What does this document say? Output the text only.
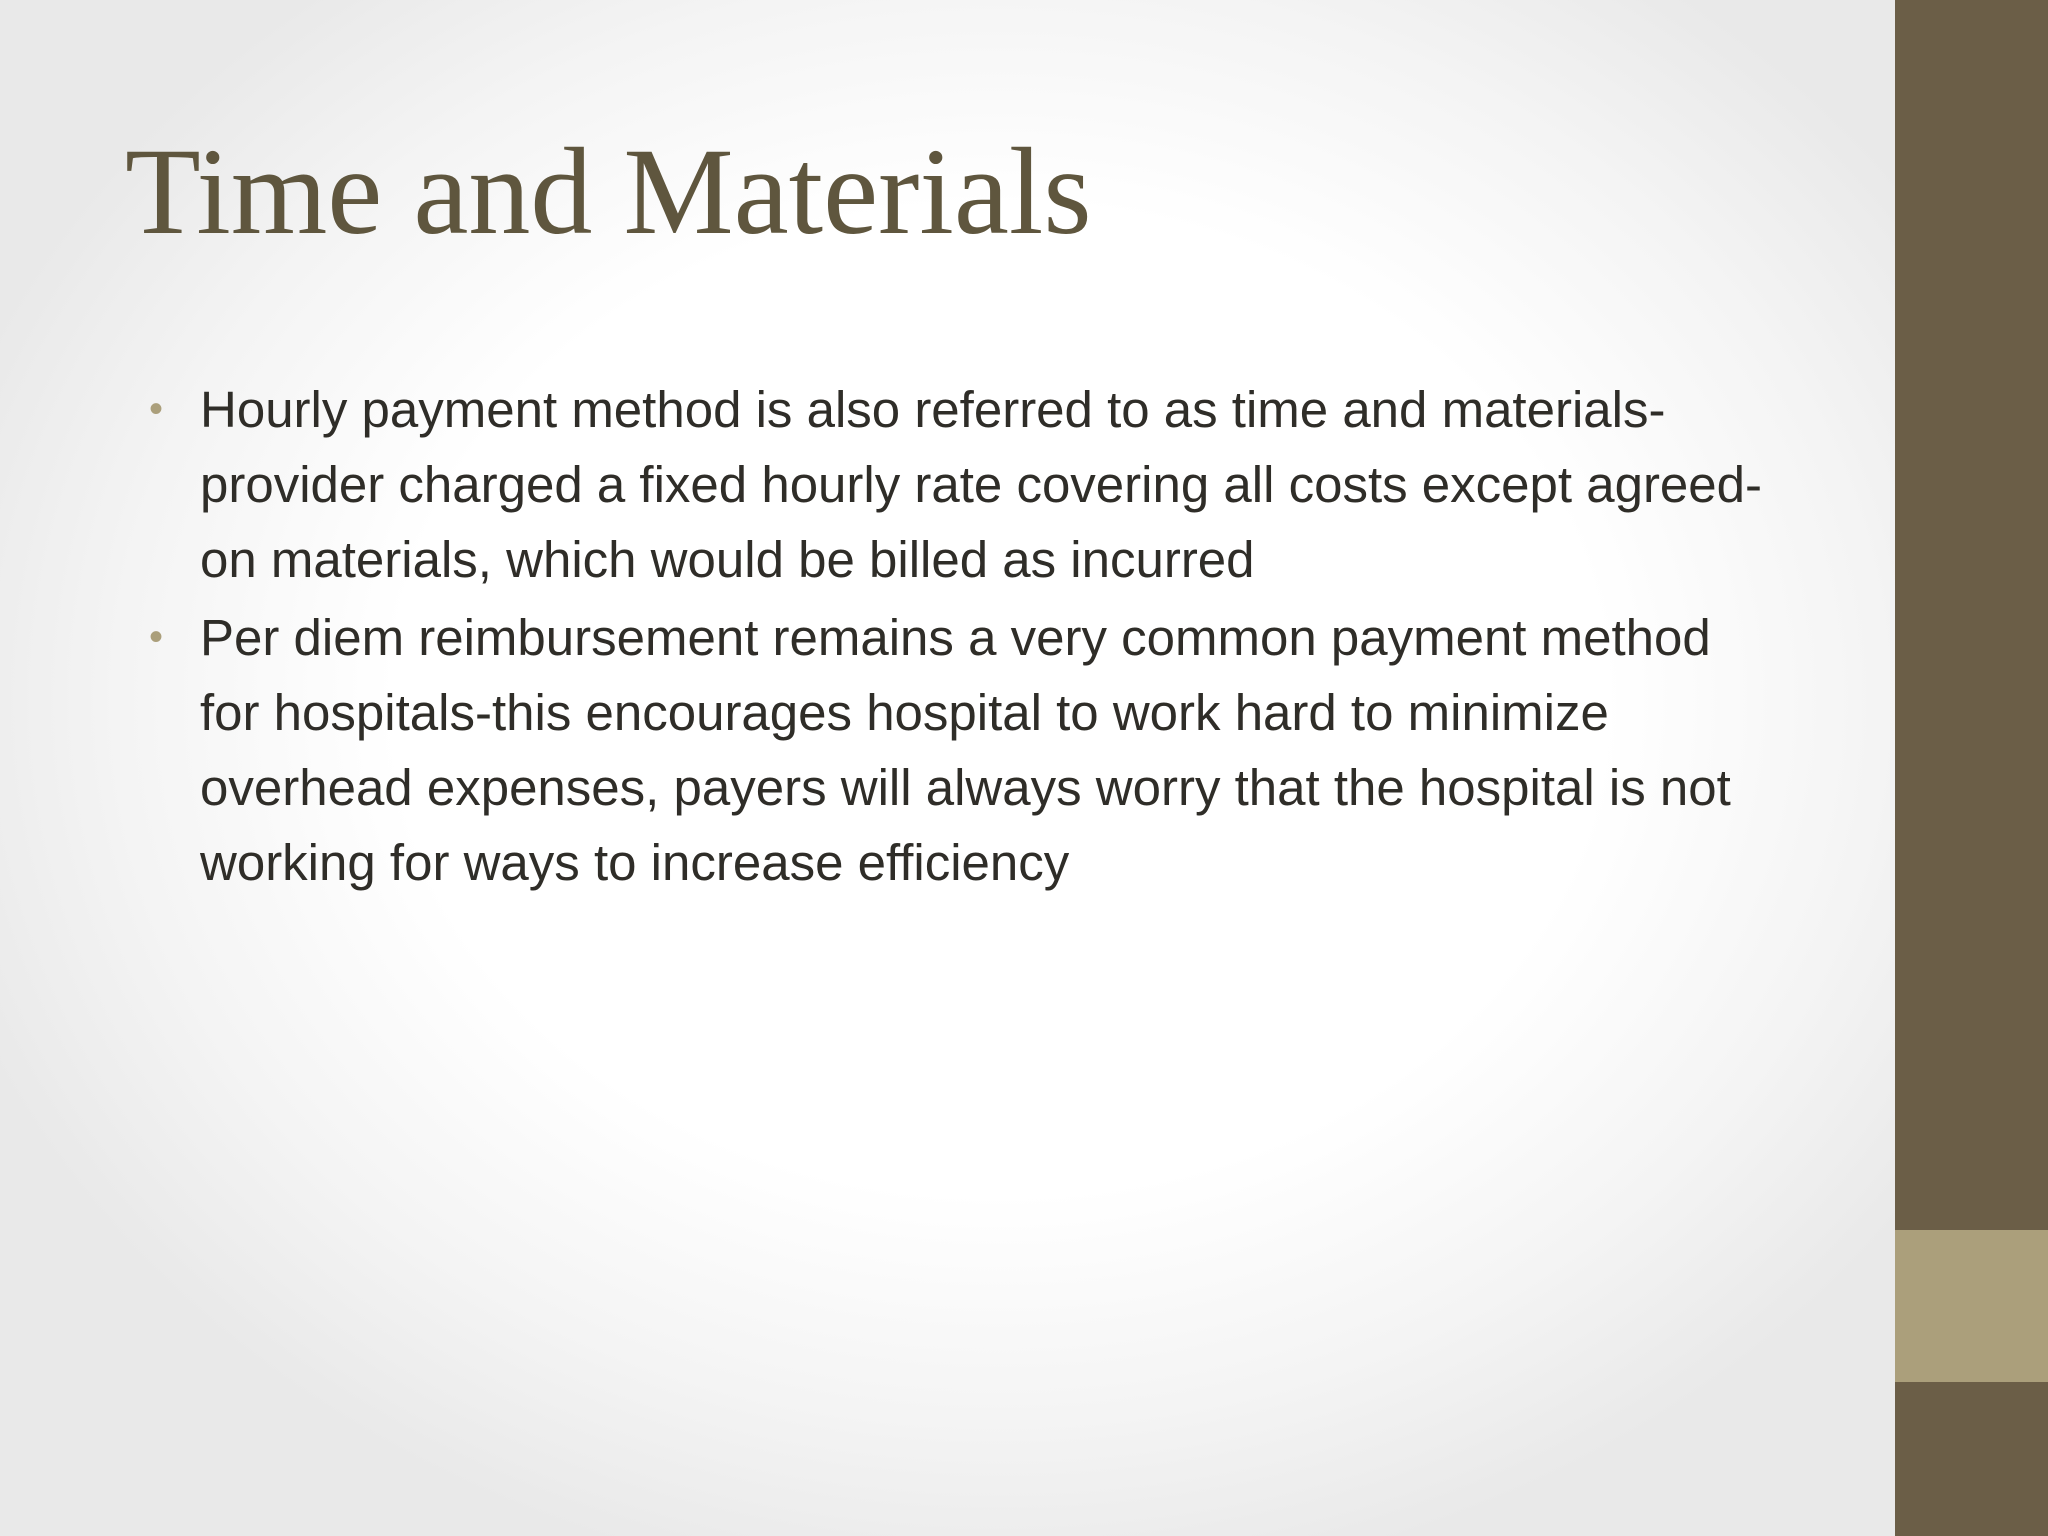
Time and Materials
• Hourly payment method is also referred to as time and materials-provider charged a fixed hourly rate covering all costs except agreed-on materials, which would be billed as incurred
• Per diem reimbursement remains a very common payment method for hospitals-this encourages hospital to work hard to minimize overhead expenses, payers will always worry that the hospital is not working for ways to increase efficiency
